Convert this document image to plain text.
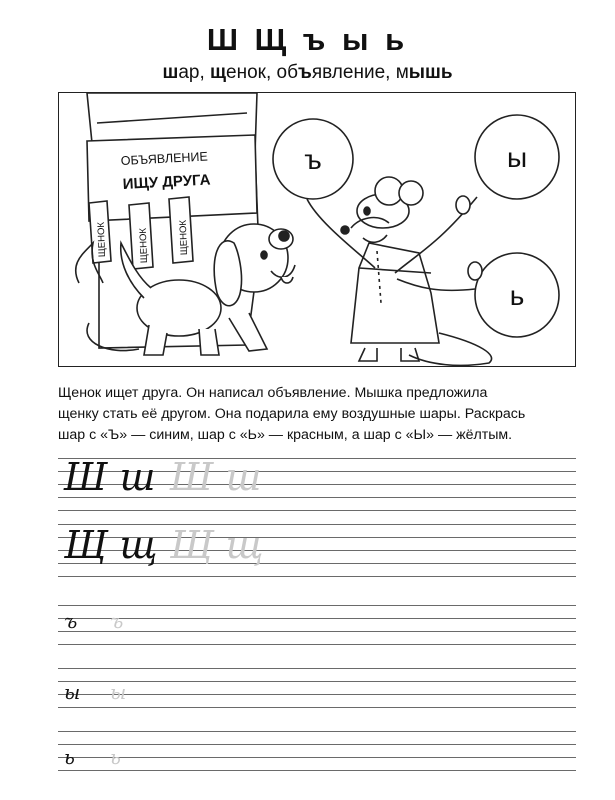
Ш Щ ъ ы ь
шар, щенок, объявление, мышь
ОБЪЯВЛЕНИЕ
ИЩУ ДРУГА
ЩЕНОК	ЩЕНОК	ЩЕНОК
ъ	ы
ь

Щенок ищет друга. Он написал объявление. Мышка предложила

щенку стать её другом. Она подарила ему воздушные шары. Раскрась

шар с «Ъ» — синим, шар с «Ь» — красным, а шар с «Ы» — жёлтым.

Ш ш Ш ш
Щ щ Щ щ
ъ ъ
ы ы
ь ь
